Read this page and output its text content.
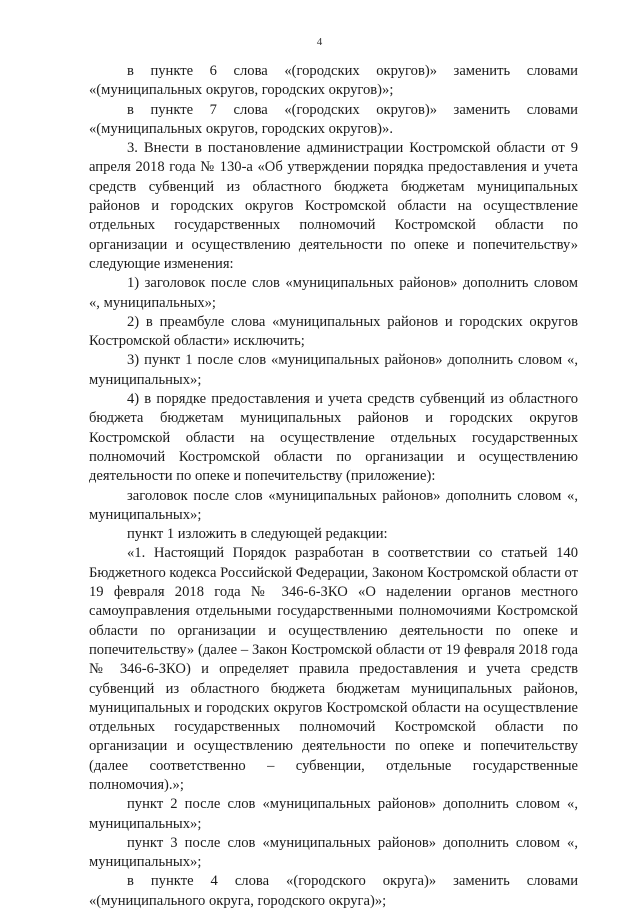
4

в пункте 6 слова «(городских округов)» заменить словами «(муниципальных округов, городских округов)»;

в пункте 7 слова «(городских округов)» заменить словами «(муниципальных округов, городских округов)».

3. Внести в постановление администрации Костромской области от 9 апреля 2018 года № 130-а «Об утверждении порядка предоставления и учета средств субвенций из областного бюджета бюджетам муниципальных районов и городских округов Костромской области на осуществление отдельных государственных полномочий Костромской области по организации и осуществлению деятельности по опеке и попечительству» следующие изменения:

1) заголовок после слов «муниципальных районов» дополнить словом «, муниципальных»;

2) в преамбуле слова «муниципальных районов и городских округов Костромской области» исключить;

3) пункт 1 после слов «муниципальных районов» дополнить словом «, муниципальных»;

4) в порядке предоставления и учета средств субвенций из областного бюджета бюджетам муниципальных районов и городских округов Костромской области на осуществление отдельных государственных полномочий Костромской области по организации и осуществлению деятельности по опеке и попечительству (приложение):

заголовок после слов «муниципальных районов» дополнить словом «, муниципальных»;

пункт 1 изложить в следующей редакции:

«1. Настоящий Порядок разработан в соответствии со статьей 140 Бюджетного кодекса Российской Федерации, Законом Костромской области от 19 февраля 2018 года № 346-6-ЗКО «О наделении органов местного самоуправления отдельными государственными полномочиями Костромской области по организации и осуществлению деятельности по опеке и попечительству» (далее – Закон Костромской области от 19 февраля 2018 года № 346-6-ЗКО) и определяет правила предоставления и учета средств субвенций из областного бюджета бюджетам муниципальных районов, муниципальных и городских округов Костромской области на осуществление отдельных государственных полномочий Костромской области по организации и осуществлению деятельности по опеке и попечительству (далее соответственно – субвенции, отдельные государственные полномочия).»;

пункт 2 после слов «муниципальных районов» дополнить словом «, муниципальных»;

пункт 3 после слов «муниципальных районов» дополнить словом «, муниципальных»;

в пункте 4 слова «(городского округа)» заменить словами «(муниципального округа, городского округа)»;
